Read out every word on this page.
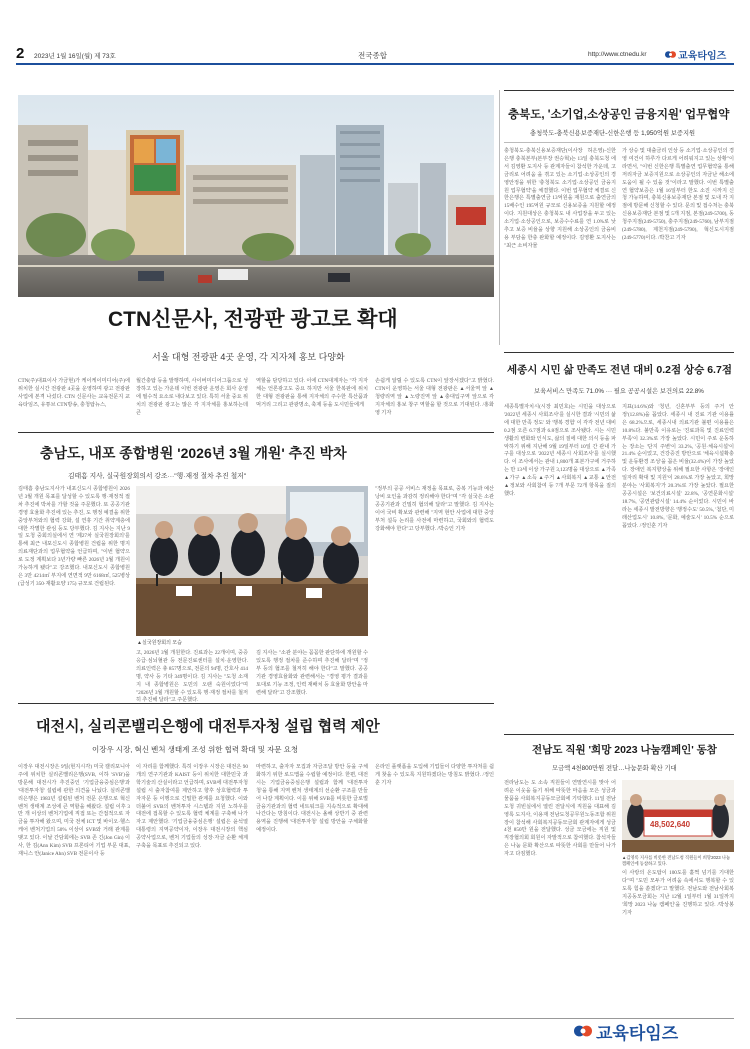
2 2023년 1월 16일(월) 제 73호	전국종합	http://www.ctnedu.kr	교육타임즈
CTN신문사, 전광판 광고로 확대
서울 대형 전광판 4곳 운영, 각 지자체 홍보 다양화
CTN(주)대표이사 가금현)가 케이케이미디어(주)에 위치한 실시간 전광판 4곳을 운영하며 광고 전광판 사업에 본격 나섰다. CTN 신문사는 교육전문지 교육타임즈, 유튜브 CTN방송, 충청탑뉴스,
월간충탑 등을 발행하며, 사이버미디어그룹으로 성장하고 있는 가운데 이번 전광판 운영은 회사 운영에 필수적 요소로 내다보고 있다. 특히 서울 중요 위치의 전광판 광고는 많은 각 지자체를 홍보하는데 큰
역할을 담당하고 있다. 이에 CTN대계자는 "각 지자체는 언론광고도 중요 하지만 서울 한복판에 위치한 대형 전광판을 통해 지자체의 주수한 특산품과 먹거리 그리고 관광명소, 축제 등을 도시민들에게
손쉽게 알릴 수 있도록 CTN이 앞장서겠다"고 밝혔다. CTN이 운영하는 서울 대형 전광판은 ▲서울역 앞 ▲청량리역 앞 ▲노량진역 앞 ▲충대입구역 앞으로 각 지자체의 홍보 창구 역할을 할 것으로 기대된다. /홍화영 기자
충북도, '소기업,소상공인 금융지원' 업무협약
충청북도-충북신용보증재단-신한은행 등 1,950억원 보증지원
충청북도-충북신용보증재단(이사장 허은영)-신한은행 충북본부(본부장 권승혁)는 13일 충북도청 에서 김영환 도지사 등 관계자들이 참석한 가운데, 고금리로 어려움 을 겪고 있는 소기업·소상공인의 경영안정을 위한 '충청북도 소기업·소상공인 금융지원 업무협약'을 체결했다. 이번 업무협약 체결로 신한은행은 특별출연금 13억원을 재원으로 출연금의 15배수인 195억원 규모로 신용보증을 지원할 예정이다. 지원대상은 충청북도 내 사업장을 두고 있는 소기업·소상공인으로, 보증수수료를 연 1.0%로 낮추고 보증 비율을 상향 지원해 소상공인의 금융비용 부담을 한층 완화할 예정이다. 김영환 도지사는 "최근 소비자물
가 상승 및 대출금리 인상 등 소기업·소상공인의 경영 여건이 하루가 다르게 어려워지고 있는 상황"이라면서, "이번 신한은행 특별출연 업무협약을 통해 저리자금 보증지원으로 소상공인의 자금난 해소에 도움이 될 수 있을 것"이라고 말했다. 이번 특별출연 협약보증은 1월 16일부터 한도 소진 시까지 신청 가능하며, 충북신용보증재단 본점 및 도내 각 지점에 방문해 신청할 수 있다. 문의 및 접수처는 충북신용보증재단 본점 및 5개 지점, 본점(249-5700), 동청주지점(249-5750), 충주지점(249-5760), 남부지점(249-5780), 제천지점(249-5790), 혁신도시지점(249-5770)이다. /박찬고 기자
세종시 시민 삶 만족도 전년 대비 0.2점 상승 6.7점
보육서비스 만족도 71.0% ··· 필요 공공시설은 보건의료 22.8%
충남도, 내포 종합병원 '2026년 3월 개원' 추진 박차
김태흠 지사, 실국원장회의서 강조···"행·재정 절차 추진 철저"
김태흠 충남도지사가 내포신도시 종합병원이 2026년 3월 개원 목표를 달성할 수 있도록 행·재정적 절차 추진에 박차를 가할 것을 주문했다. 또 공공기관 경영 효율화 추진에 있는 추진, 도 행정 예결을 위한 중앙부처와의 협력 강화, 설 연휴 기간 취약계층에 대한 각별한 관심 등도 당부했다. 김 지사는 지난 9일 도청 중회의실에서 연 '제27차 실국원장회의'를 통해 최근 내포신도시 종합병원 건립을 위한 명지의료재단과의 업무협약을 언급하며, "이번 협약으로 도정 계획보다 3년가량 빠른 2026년 3월 개원이 가능하게 됐다"고 강조했다. 내포신도시 종합병원은 3만 4214㎡ 부지에 연면적 9만 6168㎡, 525병상(급성기 350·재활요양 175) 규모로 건립된다.
▲실국원장회의 모습
고, 2026년 3월 개원한다. 진료과는 22개이며, 중증응급·심뇌혈관 등 전문진료센터를 설치·운영한다. 의료인력은 총 857명으로, 전문의 94명, 간호사 414명, 약사 등 기타 349명이다. 김 지사는 "도청 소재지 내 종합병원은 도민의 오랜 숙원이었다"며 "2026년 3월 개원할 수 있도록 행·재정 절차를 철저히 추진해 달라"고 주문했다.
김 지사는 "소관 분야는 꼼꼼한 판단하에 개원할 수 있도록 행정 절차를 준수하며 추진해 달라"며 "정부 등의 협조를 철저히 해야 한다"고 말했다. 공공기관 경영효율화와 관련해서는 "경영 평가 결과를 토대로 기능 조정, 인력 재배치 등 효율화 방안을 마련해 달라"고 강조했다.
"정부의 공공 서비스 재정을 목표로, 중복 기능과 예산 낭비 요인을 과감히 정리해야 한다"며 "각 실국은 소관 공공기관과 긴밀히 협의해 달라"고 말했다. 김 지사는 이어 국비 확보와 관련해 "지역 현안 사업에 대한 중앙부처 설득 논리를 사전에 마련하고, 국회와의 협력도 강화해야 한다"고 당부했다. /박승인 기자
세종특별자치시(시장 최민호)는 시민을 대상으로 '2022년 세종시 사회조사'를 실시한 결과 '시민의 삶에 대한 만족 정도' 와 '행복 경험' 이 각각 전년 대비 0.2점 오른 6.7점과 6.8점으로 조사됐다. 시는 시민 생활의 변화와 인식도, 삶의 질에 대한 의식 등을 파악하기 위해 지난해 9월 19일부터 10일 간 관내 가구를 대상으로 '2022년 세종시 사회조사'를 실시했다. 이 조사에서는 관내 1,800개 표본가구에 거주하는 만 13세 이상 가구원 3,123명을 대상으로 ▲가족 ▲가구 ▲소득 ▲주거 ▲사회복지 ▲교통 ▲안전 ▲정보와 사회참여 등 7개 부문 72개 항목을 질의했다.
지표(14.6%)와 '청년, 신혼부부 등의 주거 안정'(12.8%)을 꼽았다. 세종시 내 진료 기관 이용률은 68.2%으로, 세종시내 의료기관 불편 이용률은 10.8%다. 불만족 이유로는 '진료과목 및 진료인력 부족'이 32.3%로 가장 높았다. 시민이 주로 운동하는 장소는 '단지 주변'이 33.2%, '공원·체육시설'이 21.4% 순이었고, 건강증진 방안으로 '체육시설확충 및 운동환경 조성'을 꼽은 비율(32.4%)이 가장 높았다. 장애인 복지향상을 위해 필요한 사항은 '장애인 일자리 확대 및 지원'이 28.6%로 가장 높았고, 희망 분야는 '사회복지'가 20.3%로 가장 높았다. 필요한 공공시설은 '보건의료시설' 22.8%, '공연문화시설' 18.7%, '공연관람시설' 14.4% 순이었다. 시민이 바라는 세종시 발전방향은 '행정수도' 50.5%, '첨단, 미래산업도시' 10.8%, '문화, 예술도시' 10.5% 순으로 꼽았다. /정인훈 기자
대전시, 실리콘밸리은행에 대전투자청 설립 협력 제안
이장우 시장, 혁신 벤처 생태계 조성 위한 협력 확대 및 자문 요청
이장우 대전시장은 9일(현지시각) 미국 캘리포니아주에 위치한 실리콘밸리은행(SVB, 이하 'SVB')을 방문해 대전시가 추진중인 '기업금융중심은행'과 '대전투자청' 설립에 관한 의견을 나눴다. 실리콘밸리은행은 1983년 설립된 벤처 전문 은행으로 혁신 벤처 생태계 조성에 큰 역할을 해왔다. 설립 이후 3만 개 이상의 벤처기업에 직접 또는 간접적으로 자금을 투자해 왔으며, 미국 전체 ICT 및 바이오·헬스케어 벤처기업의 50% 이상이 SVB와 거래 관계를 맺고 있다. 이날 간담회에는 SVB 존 긴(Jon Gin) 이사, 한 김(Ann Kim) SVB 프론티어 기업 부문 대표, 재니스 안(Janice Ahn) SVB 전문이사 등
이 자리를 함께했다. 특히 이장우 시장은 대전은 90개의 연구기관과 KAIST 등이 위치한 대한민국 과학기술의 산실이라고 언급하며, SVB에 대전투자청 설립 시 출자참여를 제안하고 향후 상호협력과 투자자문 등 이행으로 긴밀한 관계를 요청했다. 이와 더불어 SVB의 벤처투자 시스템과 지원 노하우를 대전에 접목할 수 있도록 협력 체계를 구축해 나가자고 제안했다. '기업금융중심은행' 설립은 윤석열 대통령의 지역공약이자, 이장우 대전시장의 핵심 공약사업으로, 벤처 기업들의 성장·자금 순환 체계 구축을 목표로 추진되고 있다.
마련하고, 출자자 모집과 자금조달 방안 등을 구체화하기 위한 로드맵을 수립할 예정이다. 한편, 대전시는 기업금융중심은행 설립과 함께 '대전투자청'을 통해 지역 벤처 생태계의 선순환 구조를 만들어 나갈 계획이다. 이를 위해 SVB를 비롯한 글로벌 금융기관과의 협력 네트워크를 지속적으로 확대해 나간다는 방침이다. 대전시는 올해 상반기 중 관련 용역을 진행해 '대전투자청' 설립 방안을 구체화할 예정이다.
온라인 플랫폼을 도입해 기업들이 다양한 투자처를 쉽게 찾을 수 있도록 지원하겠다는 방침도 밝혔다. /정인훈 기자
전남도 직원 '희망 2023 나눔캠페인' 동참
모금액 4천800만원 전달…나눔문화 확산 기대
전라남도는 도 소속 직원들이 연말연시를 맞아 어려운 이웃을 돕기 위해 따뜻한 마음을 모은 성금과 물품을 사회복지공동모금회에 기탁했다. 11일 전남도청 귀빈실에서 열린 전달식에 직원을 대표해 김영록 도지사, 이용재 전남도청공무원노동조합 위원장이 참석해 사회복지공동모금회 관계자에게 성금 4천 850만 원을 전달했다. 성금 모금에는 직원 및 직장협의회 회원이 자발적으로 참여했다. 참석자들은 나눔 문화 확산으로 따뜻한 사회를 만들어 나가자고 다짐했다.
48,502,640
▲김영록 지사를 비롯한 전남도청 직원들이 희망2023 나눔캠페인에 동참하고 있다.
이 사랑의 온도탑이 100도를 훌쩍 넘기를 기대한다"며 "도민 모두가 어려움 속에서도 행복할 수 있도록 힘을 쏟겠다"고 말했다. 전남도와 전남사회복지공동모금회는 지난 12월 1일부터 1월 31일까지 '희망 2023 나눔 캠페인'을 진행하고 있다. /박상봉 기자
교육타임즈
